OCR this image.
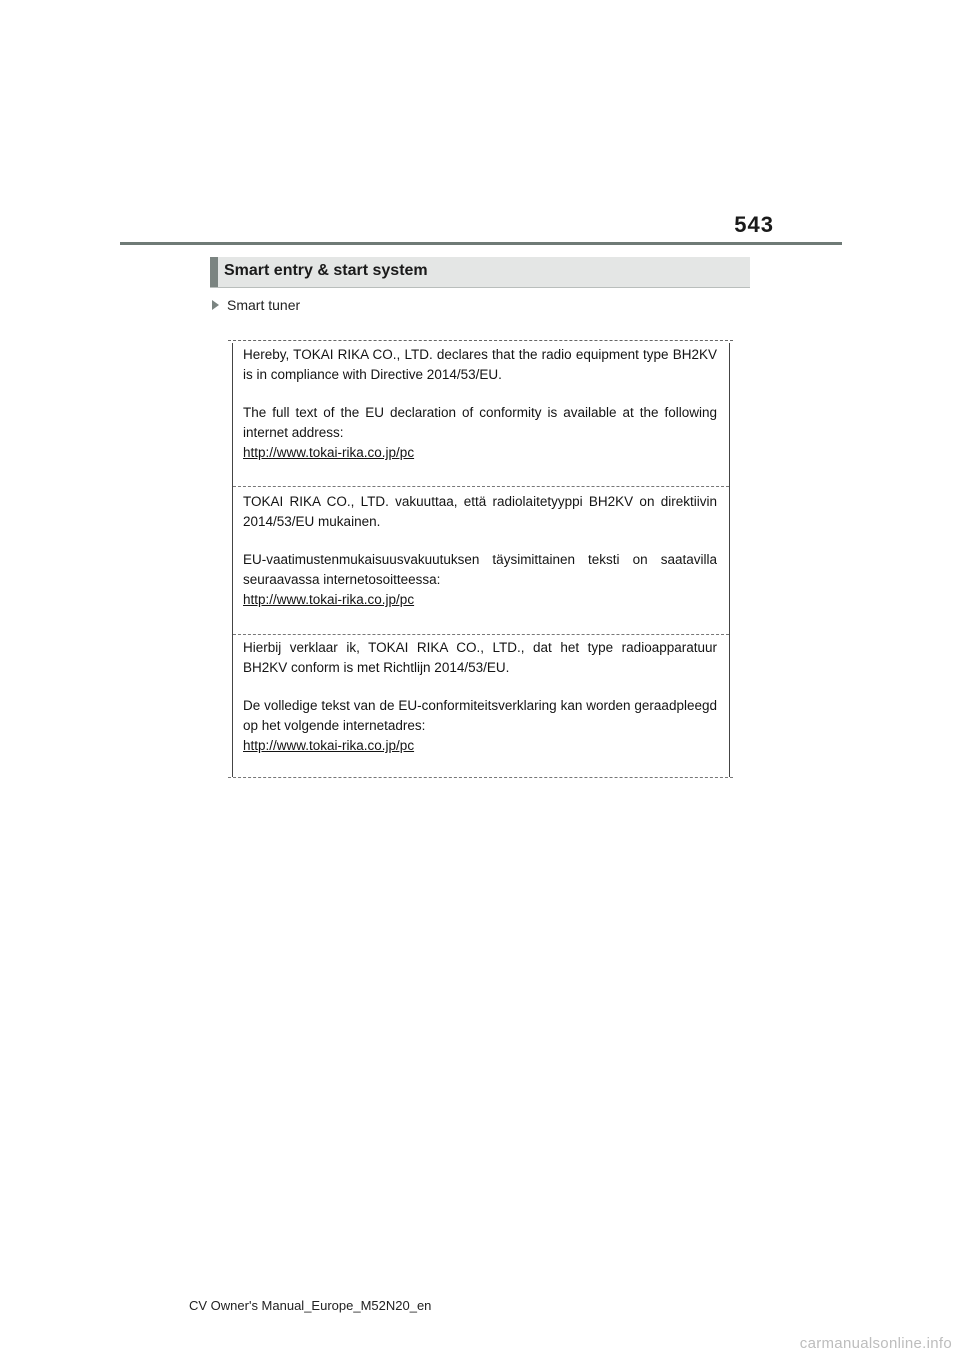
543
Smart entry & start system
Smart tuner

Hereby, TOKAI RIKA CO., LTD. declares that the radio equipment type BH2KV is in compliance with Directive 2014/53/EU.

The full text of the EU declaration of conformity is available at the following internet address:

http://www.tokai-rika.co.jp/pc

TOKAI RIKA CO., LTD. vakuuttaa, että radiolaitetyyppi BH2KV on direktiivin 2014/53/EU mukainen.

EU-vaatimustenmukaisuusvakuutuksen täysimittainen teksti on saatavilla seuraavassa internetosoitteessa:

http://www.tokai-rika.co.jp/pc

Hierbij verklaar ik, TOKAI RIKA CO., LTD., dat het type radioapparatuur BH2KV conform is met Richtlijn 2014/53/EU.

De volledige tekst van de EU-conformiteitsverklaring kan worden geraadpleegd op het volgende internetadres:

http://www.tokai-rika.co.jp/pc
CV Owner's Manual_Europe_M52N20_en
carmanualsonline.info
